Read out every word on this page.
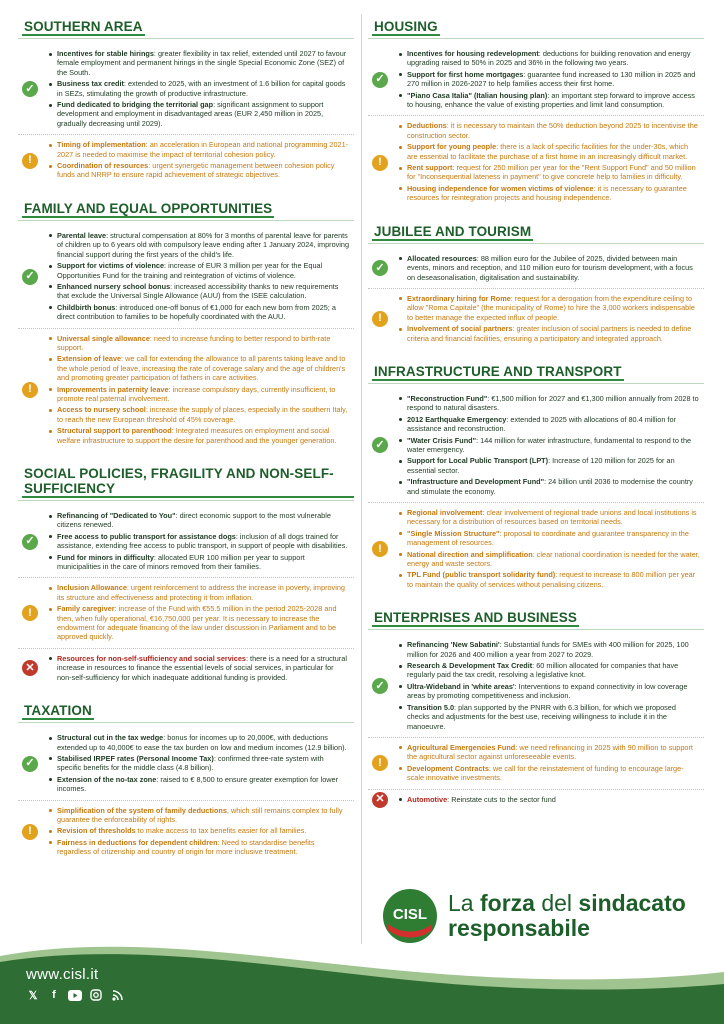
SOUTHERN AREA
✓
Incentives for stable hirings: greater flexibility in tax relief, extended until 2027 to favour female employment and permanent hirings in the single Special Economic Zone (SEZ) of the South.
Business tax credit: extended to 2025, with an investment of 1.6 billion for capital goods in SEZs, stimulating the growth of productive infrastructure.
Fund dedicated to bridging the territorial gap: significant assignment to support development and employment in disadvantaged areas (EUR 2,450 million in 2025, gradually decreasing until 2029).
!
Timing of implementation: an acceleration in European and national programming 2021-2027 is needed to maximise the impact of territorial cohesion policy.
Coordination of resources: urgent synergetic management between cohesion policy funds and NRRP to ensure rapid achievement of strategic objectives.
FAMILY AND EQUAL OPPORTUNITIES
✓
Parental leave: structural compensation at 80% for 3 months of parental leave for parents of children up to 6 years old with compulsory leave ending after 1 January 2024, improving financial support during the first years of the child's life.
Support for victims of violence: increase of EUR 3 million per year for the Equal Opportunities Fund for the training and reintegration of victims of violence.
Enhanced nursery school bonus: increased accessibility thanks to new requirements that exclude the Universal Single Allowance (AUU) from the ISEE calculation.
Childbirth bonus: introduced one-off bonus of €1,000 for each new born from 2025; a direct contribution to families to be hopefully coordinated with the AUU.
!
Universal single allowance: need to increase funding to better respond to birth-rate support.
Extension of leave: we call for extending the allowance to all parents taking leave and to the whole period of leave, increasing the rate of coverage salary and the age of children's and promoting greater participation of fathers in care activities.
Improvements in paternity leave: increase compulsory days, currently insufficient, to promote real paternal involvement.
Access to nursery school: increase the supply of places, especially in the southern Italy, to reach the new European threshold of 45% coverage.
Structural support to parenthood: Integrated measures on employment and social welfare infrastructure to support the desire for parenthood and the younger generation.
SOCIAL POLICIES, FRAGILITY AND NON-SELF-SUFFICIENCY
✓
Refinancing of "Dedicated to You": direct economic support to the most vulnerable citizens renewed.
Free access to public transport for assistance dogs: inclusion of all dogs trained for assistance, extending free access to public transport, in support of people with disabilities.
Fund for minors in difficulty: allocated EUR 100 million per year to support municipalities in the care of minors removed from their families.
!
Inclusion Allowance: urgent reinforcement to address the increase in poverty, improving its structure and effectiveness and protecting it from inflation.
Family caregiver: increase of the Fund with €55.5 million in the period 2025-2028 and then, when fully operational, €16,750,000 per year. It is necessary to increase the endowment for adequate financing of the law under discussion in Parliament and to be approved quickly.
✕
Resources for non-self-sufficiency and social services: there is a need for a structural increase in resources to finance the essential levels of social services, in particular for non-self-sufficiency for which inadequate additional funding is provided.
TAXATION
✓
Structural cut in the tax wedge: bonus for incomes up to 20,000€, with deductions extended up to 40,000€ to ease the tax burden on low and medium incomes (12.9 billion).
Stabilised IRPEF rates (Personal Income Tax): confirmed three-rate system with specific benefits for the middle class (4.8 billion).
Extension of the no-tax zone: raised to € 8,500 to ensure greater exemption for lower incomes.
!
Simplification of the system of family deductions, which still remains complex to fully guarantee the enforceability of rights.
Revision of thresholds to make access to tax benefits easier for all families.
Fairness in deductions for dependent children: Need to standardise benefits regardless of citizenship and country of origin for more inclusive treatment.
HOUSING
✓
Incentives for housing redevelopment: deductions for building renovation and energy upgrading raised to 50% in 2025 and 36% in the following two years.
Support for first home mortgages: guarantee fund increased to 130 million in 2025 and 270 million in 2026-2027 to help families access their first home.
"Piano Casa Italia" (Italian housing plan): an important step forward to improve access to housing, enhance the value of existing properties and limit land consumption.
!
Deductions: it is necessary to maintain the 50% deduction beyond 2025 to incentivise the construction sector.
Support for young people: there is a lack of specific facilities for the under-30s, which are essential to facilitate the purchase of a first home in an increasingly difficult market.
Rent support: request for 250 million per year for the "Rent Support Fund" and 50 million for "Inconsequential lateness in payment" to give concrete help to families in difficulty.
Housing independence for women victims of violence: it is necessary to guarantee resources for reintegration projects and housing independence.
JUBILEE AND TOURISM
✓
Allocated resources: 88 million euro for the Jubilee of 2025, divided between main events, minors and reception, and 110 million euro for tourism development, with a focus on deseasonalisation, digitalisation and sustainability.
!
Extraordinary hiring for Rome: request for a derogation from the expenditure ceiling to allow "Roma Capitale" (the municipality of Rome) to hire the 3,000 workers indispensable to better manage the expected influx of people.
Involvement of social partners: greater inclusion of social partners is needed to define criteria and financial facilities, ensuring a participatory and integrated approach.
INFRASTRUCTURE AND TRANSPORT
✓
"Reconstruction Fund": €1,500 million for 2027 and €1,300 million annually from 2028 to respond to natural disasters.
2012 Earthquake Emergency: extended to 2025 with allocations of 80.4 million for assistance and reconstruction.
"Water Crisis Fund": 144 million for water infrastructure, fundamental to respond to the water emergency.
Support for Local Public Transport (LPT): Increase of 120 million for 2025 for an essential sector.
"Infrastructure and Development Fund": 24 billion until 2036 to modernise the country and stimulate the economy.
!
Regional involvement: clear involvement of regional trade unions and local institutions is necessary for a distribution of resources based on territorial needs.
"Single Mission Structure": proposal to coordinate and guarantee transparency in the management of resources.
National direction and simplification: clear national coordination is needed for the water, energy and waste sectors.
TPL Fund (public transport solidarity fund): request to increase to 800 million per year to maintain the quality of services without penalising citizens.
ENTERPRISES AND BUSINESS
✓
Refinancing 'New Sabatini': Substantial funds for SMEs with 400 million for 2025, 100 million for 2026 and 400 million a year from 2027 to 2029.
Research & Development Tax Credit: 60 million allocated for companies that have regularly paid the tax credit, resolving a legislative knot.
Ultra-Wideband in 'white areas': Interventions to expand connectivity in low coverage areas by promoting competitiveness and inclusion.
Transition 5.0: plan supported by the PNRR with 6.3 billion, for which we proposed checks and adjustments for the best use, receiving willingness to include it in the manoeuvre.
!
Agricultural Emergencies Fund: we need refinancing in 2025 with 90 million to support the agricultural sector against unforeseeable events.
Development Contracts: we call for the reinstatement of funding to encourage large-scale innovative investments.
✕	Automotive: Reinstate cuts to the sector fund
www.cisl.it
𝕏	f
CISL La forza del sindacato
responsabile
